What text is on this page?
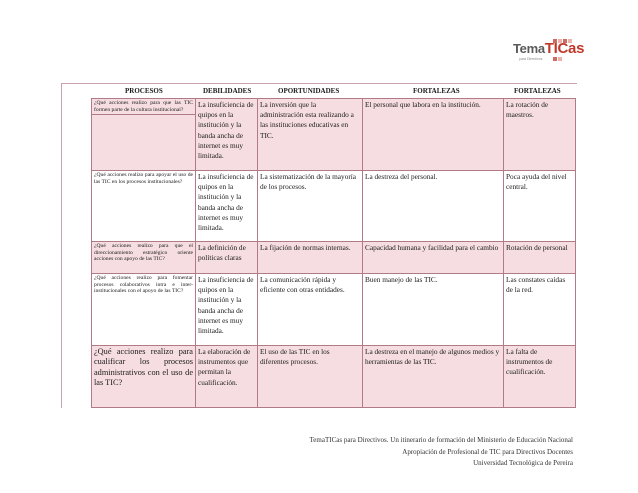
TemaTICas
para Directivos
PROCESOS	DEBILIDADES	OPORTUNIDADES	FORTALEZAS	FORTALEZAS
¿Qué acciones realizo para que las TIC formen parte de la cultura institucional?	La insuficiencia de quipos en la institución y la banda ancha de internet es muy limitada.	La inversión que la administración esta realizando a las instituciones educativas en TIC.	El personal que labora en la institución.	La rotación de maestros.
¿Qué acciones realizo para apoyar el uso de las TIC en los procesos institucionales?	La insuficiencia de quipos en la institución y la banda ancha de internet es muy limitada.	La sistematización de la mayoría de los procesos.	La destreza del personal.	Poca ayuda del nivel central.
¿Qué acciones realizo para que el direccionamiento estratégico oriente acciones con apoyo de las TIC?	La definición de políticas claras	La fijación de normas internas.	Capacidad humana y facilidad para el cambio	Rotación de personal
¿Qué acciones realizo para fomentar procesos colaborativos intra e inter-institucionales con el apoyo de las TIC?	La insuficiencia de quipos en la institución y la banda ancha de internet es muy limitada.	La comunicación rápida y eficiente con otras entidades.	Buen manejo de las TIC.	Las constates caídas de la red.
¿Qué acciones realizo para cualificar los procesos administrativos con el uso de las TIC?	La elaboración de instrumentos que permitan la cualificación.	El uso de las TIC en los diferentes procesos.	La destreza en el manejo de algunos medios y herramientas de las TIC.	La falta de instrumentos de cualificación.
TemaTICas para Directivos. Un itinerario de formación del Ministerio de Educación Nacional
Apropiación de Profesional de TIC para Directivos Docentes
Universidad Tecnológica de Pereira
